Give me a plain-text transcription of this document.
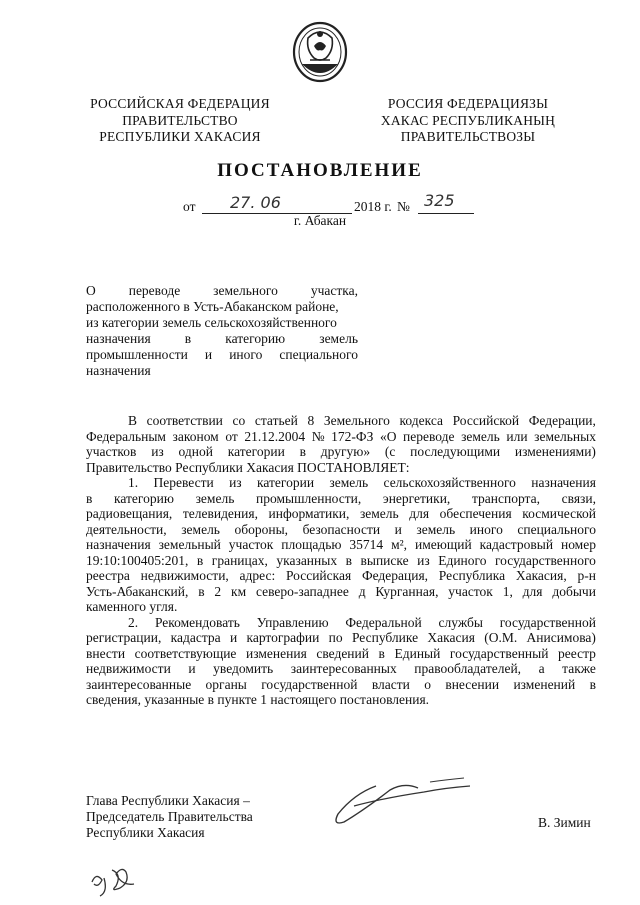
РОССИЙСКАЯ ФЕДЕРАЦИЯ
ПРАВИТЕЛЬСТВО
РЕСПУБЛИКИ ХАКАСИЯ
РОССИЯ ФЕДЕРАЦИЯЗЫ
ХАКАС РЕСПУБЛИКАНЫҢ
ПРАВИТЕЛЬСТВОЗЫ
ПОСТАНОВЛЕНИЕ
от 27. 06	2018 г. № 325
г. Абакан
О переводе земельного участка,
расположенного в Усть-Абаканском районе,
из категории земель сельскохозяйственного
назначения	в	категорию	земель
промышленности и иного специального
назначения
В соответствии со статьей 8 Земельного кодекса Российской Федерации,
Федеральным законом от 21.12.2004 № 172-ФЗ «О переводе земель или земельных
участков из одной категории в другую» (с последующими изменениями)
Правительство Республики Хакасия ПОСТАНОВЛЯЕТ:
1. Перевести из категории земель сельскохозяйственного назначения
в категорию земель промышленности, энергетики, транспорта, связи,
радиовещания, телевидения, информатики, земель для обеспечения космической
деятельности, земель обороны, безопасности и земель иного специального
назначения земельный участок площадью 35714 м², имеющий кадастровый номер
19:10:100405:201, в границах, указанных в выписке из Единого государственного
реестра недвижимости, адрес: Российская Федерация, Республика Хакасия, р-н
Усть-Абаканский, в 2 км северо-западнее д Курганная, участок 1, для добычи
каменного угля.
2. Рекомендовать Управлению Федеральной службы государственной
регистрации, кадастра и картографии по Республике Хакасия (О.М. Анисимова)
внести соответствующие изменения сведений в Единый государственный реестр
недвижимости и уведомить заинтересованных правообладателей, а также
заинтересованные органы государственной власти о внесении изменений в
сведения, указанные в пункте 1 настоящего постановления.
Глава Республики Хакасия –
Председатель Правительства
Республики Хакасия
В. Зимин
